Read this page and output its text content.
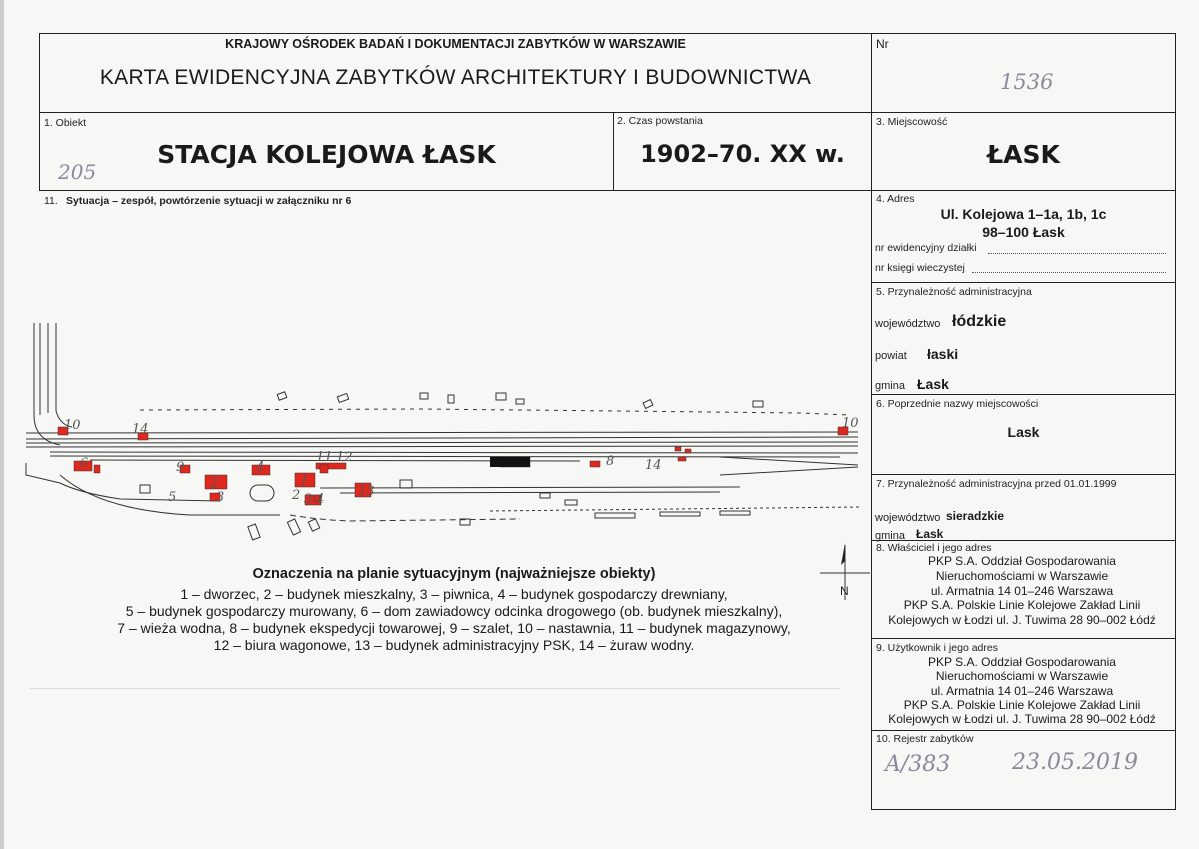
KRAJOWY OŚRODEK BADAŃ I DOKUMENTACJI ZABYTKÓW W WARSZAWIE
KARTA EWIDENCYJNA ZABYTKÓW ARCHITEKTURY I BUDOWNICTWA
Nr
1536
1. Obiekt
STACJA KOLEJOWA ŁASK
205
2. Czas powstania
1902–70. XX w.
3. Miejscowość
ŁASK
11. Sytuacja – zespół, powtórzenie sytuacji w załączniku nr 6
10	14
6	9	4
11 12
2
3
1
5	2 3 4
13
8 14
10
N
Oznaczenia na planie sytuacyjnym (najważniejsze obiekty)
1 – dworzec, 2 – budynek mieszkalny, 3 – piwnica, 4 – budynek gospodarczy drewniany,
5 – budynek gospodarczy murowany, 6 – dom zawiadowcy odcinka drogowego (ob. budynek mieszkalny),
7 – wieża wodna, 8 – budynek ekspedycji towarowej, 9 – szalet, 10 – nastawnia, 11 – budynek magazynowy,
12 – biura wagonowe, 13 – budynek administracyjny PSK, 14 – żuraw wodny.
4. Adres
Ul. Kolejowa 1–1a, 1b, 1c
98–100 Łask
nr ewidencyjny działki
nr księgi wieczystej
5. Przynależność administracyjna
województwo łódzkie
powiat łaski
gmina Łask
6. Poprzednie nazwy miejscowości
Lask
7. Przynależność administracyjna przed 01.01.1999
województwo sieradzkie
gmina Łask
8. Właściciel i jego adres
PKP S.A. Oddział Gospodarowania
Nieruchomościami w Warszawie
ul. Armatnia 14 01–246 Warszawa
PKP S.A. Polskie Linie Kolejowe Zakład Linii
Kolejowych w Łodzi ul. J. Tuwima 28 90–002 Łódź
9. Użytkownik i jego adres
PKP S.A. Oddział Gospodarowania
Nieruchomościami w Warszawie
ul. Armatnia 14 01–246 Warszawa
PKP S.A. Polskie Linie Kolejowe Zakład Linii
Kolejowych w Łodzi ul. J. Tuwima 28 90–002 Łódź
10. Rejestr zabytków
A/383	23.05.2019
